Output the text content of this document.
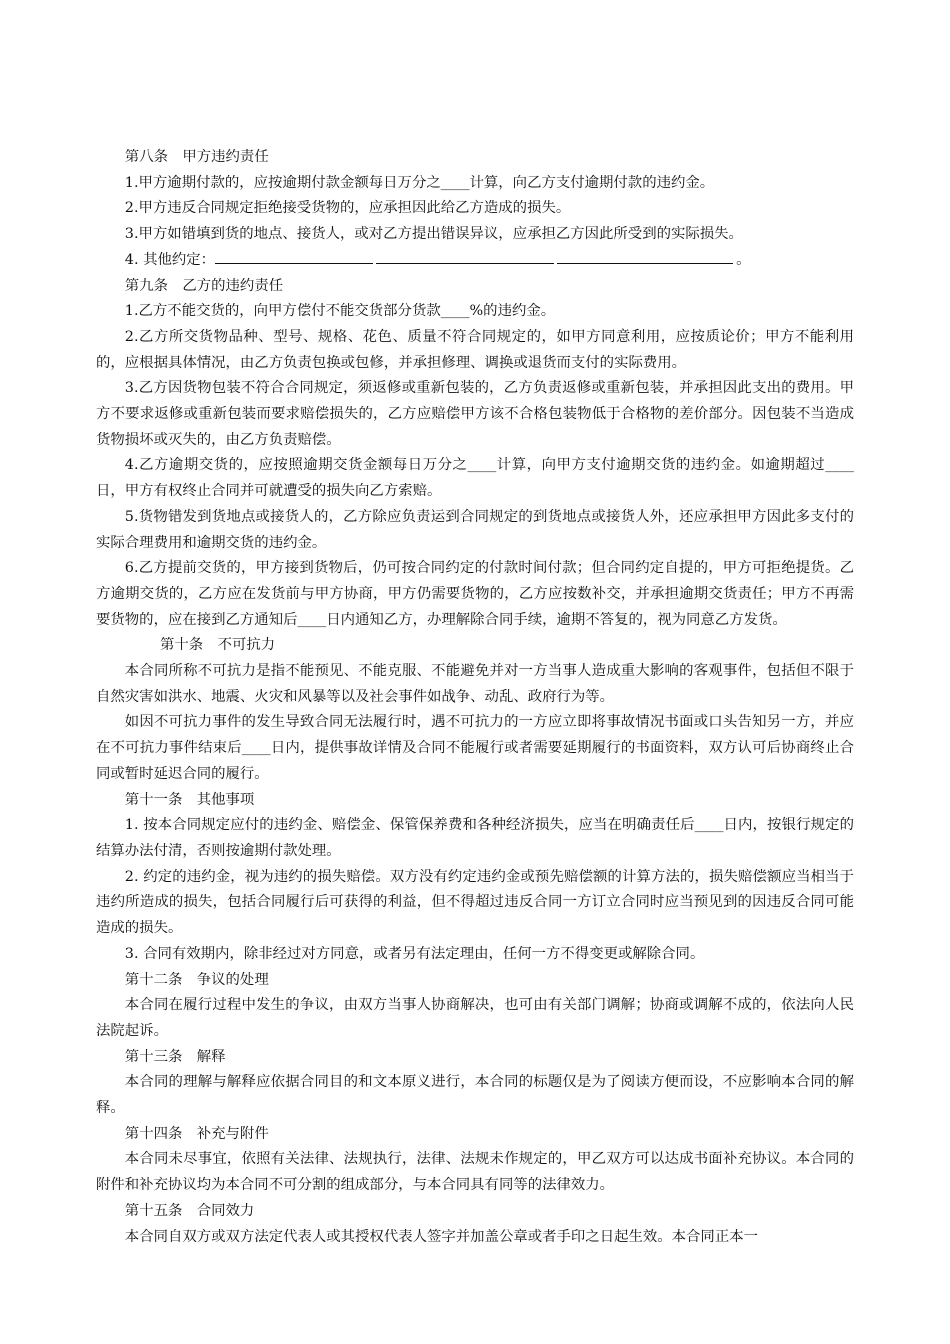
第八条　甲方违约责任

1.甲方逾期付款的，应按逾期付款金额每日万分之____计算，向乙方支付逾期付款的违约金。

2.甲方违反合同规定拒绝接受货物的，应承担因此给乙方造成的损失。

3.甲方如错填到货的地点、接货人，或对乙方提出错误异议，应承担乙方因此所受到的实际损失。

4. 其他约定：	。

第九条　乙方的违约责任

1.乙方不能交货的，向甲方偿付不能交货部分货款____%的违约金。

2.乙方所交货物品种、型号、规格、花色、质量不符合同规定的，如甲方同意利用，应按质论价；甲方不能利用的，应根据具体情况，由乙方负责包换或包修，并承担修理、调换或退货而支付的实际费用。

3.乙方因货物包装不符合合同规定，须返修或重新包装的，乙方负责返修或重新包装，并承担因此支出的费用。甲方不要求返修或重新包装而要求赔偿损失的，乙方应赔偿甲方该不合格包装物低于合格物的差价部分。因包装不当造成货物损坏或灭失的，由乙方负责赔偿。

4.乙方逾期交货的，应按照逾期交货金额每日万分之____计算，向甲方支付逾期交货的违约金。如逾期超过____日，甲方有权终止合同并可就遭受的损失向乙方索赔。

5.货物错发到货地点或接货人的，乙方除应负责运到合同规定的到货地点或接货人外，还应承担甲方因此多支付的实际合理费用和逾期交货的违约金。

6.乙方提前交货的，甲方接到货物后，仍可按合同约定的付款时间付款；但合同约定自提的，甲方可拒绝提货。乙方逾期交货的，乙方应在发货前与甲方协商，甲方仍需要货物的，乙方应按数补交，并承担逾期交货责任；甲方不再需要货物的，应在接到乙方通知后____日内通知乙方，办理解除合同手续，逾期不答复的，视为同意乙方发货。

第十条　不可抗力

本合同所称不可抗力是指不能预见、不能克服、不能避免并对一方当事人造成重大影响的客观事件，包括但不限于自然灾害如洪水、地震、火灾和风暴等以及社会事件如战争、动乱、政府行为等。

如因不可抗力事件的发生导致合同无法履行时，遇不可抗力的一方应立即将事故情况书面或口头告知另一方，并应在不可抗力事件结束后____日内，提供事故详情及合同不能履行或者需要延期履行的书面资料，双方认可后协商终止合同或暂时延迟合同的履行。

第十一条　其他事项

1. 按本合同规定应付的违约金、赔偿金、保管保养费和各种经济损失，应当在明确责任后____日内，按银行规定的结算办法付清，否则按逾期付款处理。

2. 约定的违约金，视为违约的损失赔偿。双方没有约定违约金或预先赔偿额的计算方法的，损失赔偿额应当相当于违约所造成的损失，包括合同履行后可获得的利益，但不得超过违反合同一方订立合同时应当预见到的因违反合同可能造成的损失。

3. 合同有效期内，除非经过对方同意，或者另有法定理由，任何一方不得变更或解除合同。

第十二条　争议的处理

本合同在履行过程中发生的争议，由双方当事人协商解决，也可由有关部门调解；协商或调解不成的，依法向人民法院起诉。

第十三条　解释

本合同的理解与解释应依据合同目的和文本原义进行，本合同的标题仅是为了阅读方便而设，不应影响本合同的解释。

第十四条　补充与附件

本合同未尽事宜，依照有关法律、法规执行，法律、法规未作规定的，甲乙双方可以达成书面补充协议。本合同的附件和补充协议均为本合同不可分割的组成部分，与本合同具有同等的法律效力。

第十五条　合同效力

本合同自双方或双方法定代表人或其授权代表人签字并加盖公章或者手印之日起生效。本合同正本一
